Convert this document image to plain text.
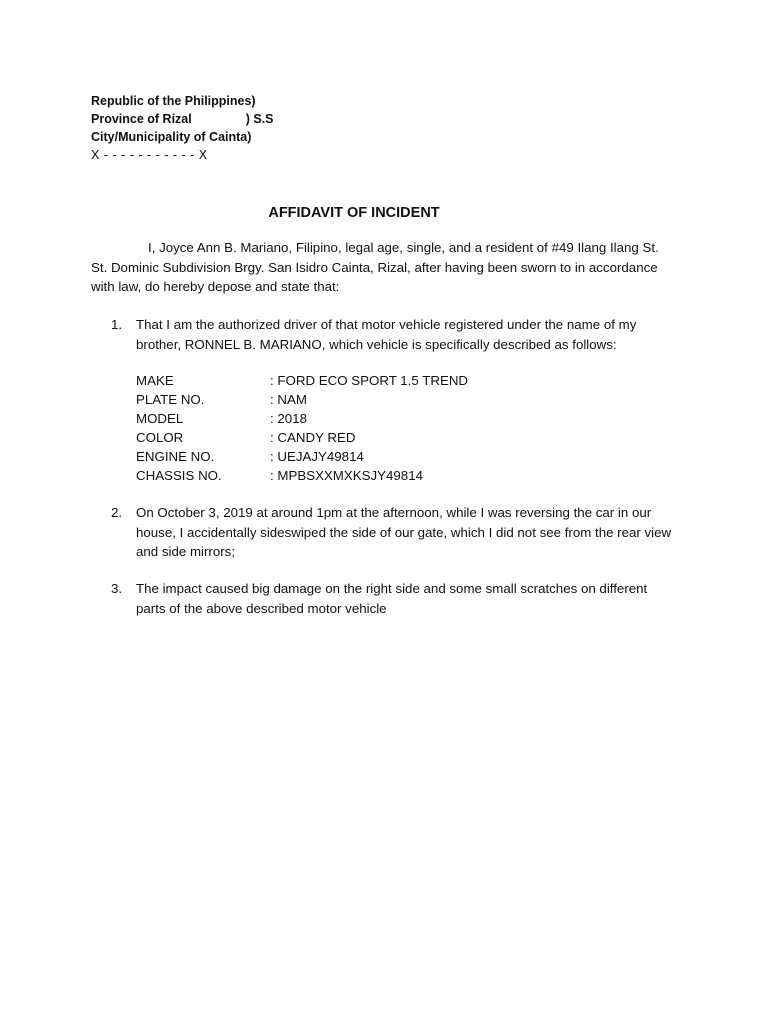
Republic of the Philippines)
Province of Rizal	) S.S
City/Municipality of Cainta)
X - - - - - - - - - - - X
AFFIDAVIT OF INCIDENT
I, Joyce Ann B. Mariano, Filipino, legal age, single, and a resident of #49 Ilang Ilang St. St. Dominic Subdivision Brgy. San Isidro Cainta, Rizal, after having been sworn to in accordance with law, do hereby depose and state that:
1. That I am the authorized driver of that motor vehicle registered under the name of my brother, RONNEL B. MARIANO, which vehicle is specifically described as follows:
MAKE	: FORD ECO SPORT 1.5 TREND
PLATE NO.	: NAM
MODEL	: 2018
COLOR	: CANDY RED
ENGINE NO.	: UEJAJY49814
CHASSIS NO.	: MPBSXXMXKSJY49814
2. On October 3, 2019 at around 1pm at the afternoon, while I was reversing the car in our house, I accidentally sideswiped the side of our gate, which I did not see from the rear view and side mirrors;
3. The impact caused big damage on the right side and some small scratches on different parts of the above described motor vehicle
